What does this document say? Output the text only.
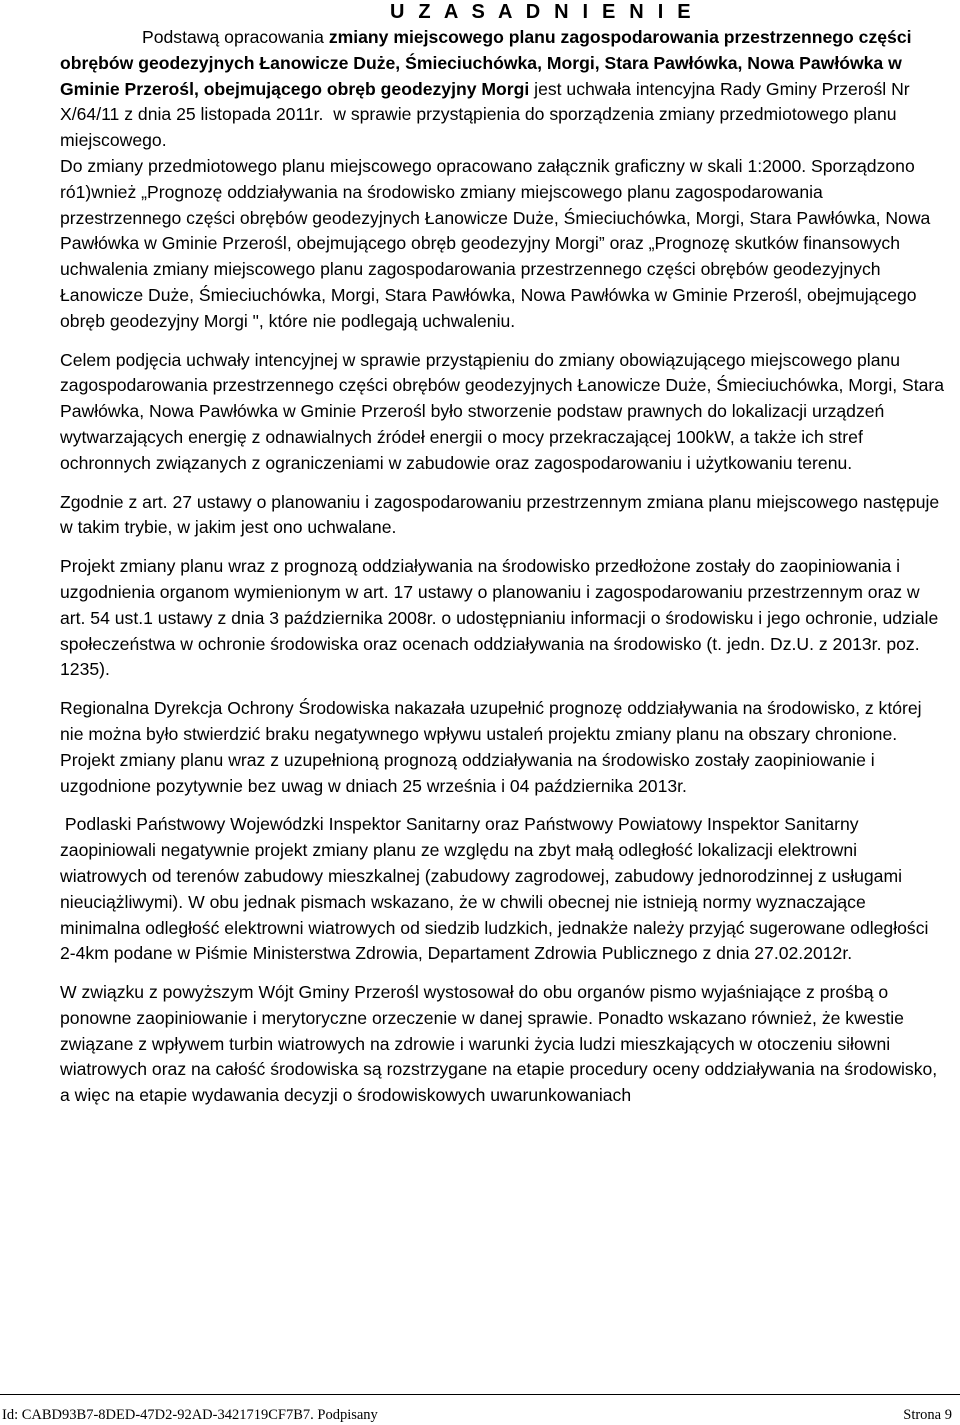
U Z A S A D N I E N I E

Podstawą opracowania zmiany miejscowego planu zagospodarowania przestrzennego części obrębów geodezyjnych Łanowicze Duże, Śmieciuchówka, Morgi, Stara Pawłówka, Nowa Pawłówka w Gminie Przerośl, obejmującego obręb geodezyjny Morgi jest uchwała intencyjna Rady Gminy Przerośl Nr X/64/11 z dnia 25 listopada 2011r.  w sprawie przystąpienia do sporządzenia zmiany przedmiotowego planu miejscowego.

Do zmiany przedmiotowego planu miejscowego opracowano załącznik graficzny w skali 1:2000. Sporządzono ró1)wnież „Prognozę oddziaływania na środowisko zmiany miejscowego planu zagospodarowania przestrzennego części obrębów geodezyjnych Łanowicze Duże, Śmieciuchówka, Morgi, Stara Pawłówka, Nowa Pawłówka w Gminie Przerośl, obejmującego obręb geodezyjny Morgi” oraz „Prognozę skutków finansowych uchwalenia zmiany miejscowego planu zagospodarowania przestrzennego części obrębów geodezyjnych Łanowicze Duże, Śmieciuchówka, Morgi, Stara Pawłówka, Nowa Pawłówka w Gminie Przerośl, obejmującego obręb geodezyjny Morgi ", które nie podlegają uchwaleniu.

Celem podjęcia uchwały intencyjnej w sprawie przystąpieniu do zmiany obowiązującego miejscowego planu zagospodarowania przestrzennego części obrębów geodezyjnych Łanowicze Duże, Śmieciuchówka, Morgi, Stara Pawłówka, Nowa Pawłówka w Gminie Przerośl było stworzenie podstaw prawnych do lokalizacji urządzeń wytwarzających energię z odnawialnych źródeł energii o mocy przekraczającej 100kW, a także ich stref ochronnych związanych z ograniczeniami w zabudowie oraz zagospodarowaniu i użytkowaniu terenu.

Zgodnie z art. 27 ustawy o planowaniu i zagospodarowaniu przestrzennym zmiana planu miejscowego następuje w takim trybie, w jakim jest ono uchwalane.

Projekt zmiany planu wraz z prognozą oddziaływania na środowisko przedłożone zostały do zaopiniowania i uzgodnienia organom wymienionym w art. 17 ustawy o planowaniu i zagospodarowaniu przestrzennym oraz w art. 54 ust.1 ustawy z dnia 3 października 2008r. o udostępnianiu informacji o środowisku i jego ochronie, udziale społeczeństwa w ochronie środowiska oraz ocenach oddziaływania na środowisko (t. jedn. Dz.U. z 2013r. poz. 1235).

Regionalna Dyrekcja Ochrony Środowiska nakazała uzupełnić prognozę oddziaływania na środowisko, z której nie można było stwierdzić braku negatywnego wpływu ustaleń projektu zmiany planu na obszary chronione. Projekt zmiany planu wraz z uzupełnioną prognozą oddziaływania na środowisko zostały zaopiniowanie i uzgodnione pozytywnie bez uwag w dniach 25 września i 04 października 2013r.

Podlaski Państwowy Wojewódzki Inspektor Sanitarny oraz Państwowy Powiatowy Inspektor Sanitarny zaopiniowali negatywnie projekt zmiany planu ze względu na zbyt małą odległość lokalizacji elektrowni wiatrowych od terenów zabudowy mieszkalnej (zabudowy zagrodowej, zabudowy jednorodzinnej z usługami nieuciążliwymi). W obu jednak pismach wskazano, że w chwili obecnej nie istnieją normy wyznaczające minimalna odległość elektrowni wiatrowych od siedzib ludzkich, jednakże należy przyjąć sugerowane odległości 2-4km podane w Piśmie Ministerstwa Zdrowia, Departament Zdrowia Publicznego z dnia 27.02.2012r.

W związku z powyższym Wójt Gminy Przerośl wystosował do obu organów pismo wyjaśniające z prośbą o ponowne zaopiniowanie i merytoryczne orzeczenie w danej sprawie. Ponadto wskazano również, że kwestie związane z wpływem turbin wiatrowych na zdrowie i warunki życia ludzi mieszkających w otoczeniu siłowni wiatrowych oraz na całość środowiska są rozstrzygane na etapie procedury oceny oddziaływania na środowisko, a więc na etapie wydawania decyzji o środowiskowych uwarunkowaniach

Id: CABD93B7-8DED-47D2-92AD-3421719CF7B7. Podpisany	Strona 9
